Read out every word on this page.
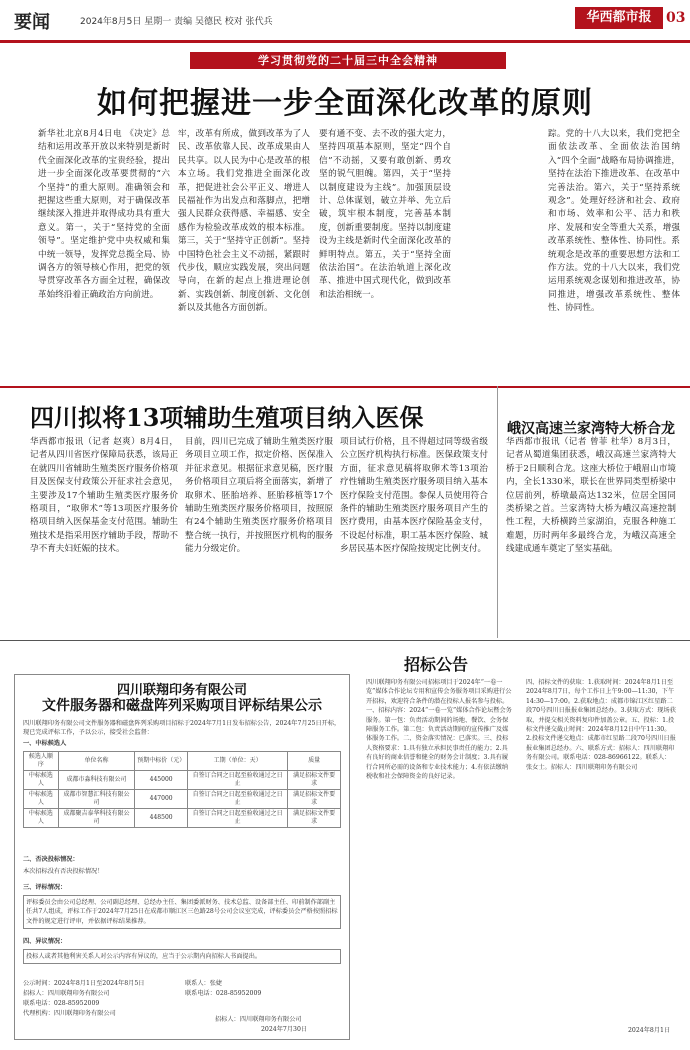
要闻	2024年8月5日 星期一 责编 吴德民 校对 张代兵	华西都市报	03
学习贯彻党的二十届三中全会精神
如何把握进一步全面深化改革的原则
新华社北京8月4日电 《决定》总结和运用改革开放以来特别是新时代全面深化改革的宝贵经验，提出进一步全面深化改革要贯彻的“六个坚持”的重大原则。准确领会和把握这些重大原则，对于确保改革继续深入推进并取得成功具有重大意义。第一，关于“坚持党的全面领导”。坚定维护党中央权威和集中统一领导，发挥党总揽全局、协调各方的领导核心作用，把党的领导贯穿改革各方面全过程，确保改革始终沿着正确政治方向前进。
牢，改革有所成，做到改革为了人民、改革依靠人民、改革成果由人民共享。以人民为中心是改革的根本立场。我们党推进全面深化改革，把促进社会公平正义、增进人民福祉作为出发点和落脚点，把增强人民群众获得感、幸福感、安全感作为检验改革成效的根本标准。第三，关于“坚持守正创新”。坚持中国特色社会主义不动摇，紧跟时代步伐，顺应实践发展，突出问题导向，在新的起点上推进理论创新、实践创新、制度创新、文化创新以及其他各方面创新。
要有通不变、去不改的强大定力，坚持四项基本原则，坚定“四个自信”不动摇，又要有敢创新、勇攻坚的锐气胆魄。第四，关于“坚持以制度建设为主线”。加强顶层设计、总体谋划，破立并举、先立后破，筑牢根本制度，完善基本制度，创新重要制度。坚持以制度建设为主线是新时代全面深化改革的鲜明特点。第五，关于“坚持全面依法治国”。在法治轨道上深化改革、推进中国式现代化，做到改革和法治相统一。
踪。党的十八大以来，我们党把全面依法改革、全面依法治国纳入“四个全面”战略布局协调推进，坚持在法治下推进改革、在改革中完善法治。第六，关于“坚持系统观念”。处理好经济和社会、政府和市场、效率和公平、活力和秩序、发展和安全等重大关系，增强改革系统性、整体性、协同性。系统观念是改革的重要思想方法和工作方法。党的十八大以来，我们党运用系统观念谋划和推进改革，协同推进，增强改革系统性、整体性、协同性。
四川拟将13项辅助生殖项目纳入医保
华西都市报讯（记者 赵爽）8月4日，记者从四川省医疗保障局获悉，该局正在就四川省辅助生殖类医疗服务价格项目及医保支付政策公开征求社会意见，主要涉及17个辅助生殖类医疗服务价格项目，“取卵术”等13项医疗服务价格项目纳入医保基金支付范围。辅助生殖技术是指采用医疗辅助手段，帮助不孕不育夫妇妊娠的技术。
目前，四川已完成了辅助生殖类医疗服务项目立项工作，拟定价格、医保准入并征求意见。根据征求意见稿，医疗服务价格项目立项后将全面落实，新增了取卵术、胚胎培养、胚胎移植等17个辅助生殖类医疗服务价格项目，按照原有24个辅助生殖类医疗服务价格项目整合统一执行，并按照医疗机构的服务能力分级定价。
项目试行价格，且不得超过同等级省级公立医疗机构执行标准。医保政策支付方面，征求意见稿将取卵术等13项治疗性辅助生殖类医疗服务项目纳入基本医疗保险支付范围。参保人员使用符合条件的辅助生殖类医疗服务项目产生的医疗费用，由基本医疗保险基金支付，不设起付标准，职工基本医疗保险、城乡居民基本医疗保险按规定比例支付。
峨汉高速兰家湾特大桥合龙
华西都市报讯（记者 曾菲 杜华）8月3日，记者从蜀道集团获悉，峨汉高速兰家湾特大桥于2日顺利合龙。这座大桥位于峨眉山市境内，全长1330米，联长在世界同类型桥梁中位居前列，桥墩最高达132米，位居全国同类桥梁之首。兰家湾特大桥为峨汉高速控制性工程，大桥横跨兰家湖泊，克服各种施工难题，历时两年多最终合龙，为峨汉高速全线建成通车奠定了坚实基础。
四川联翔印务有限公司
文件服务器和磁盘阵列采购项目评标结果公示
四川联翔印务有限公司文件服务器和磁盘阵列采购项目招标于2024年7月1日发布招标公告，2024年7月25日开标，现已完成评标工作，予以公示，接受社会监督：
一、中标候选人
候选人顺序	单位名称	预期中标价（元）	工期（单位：天）	质量
中标候选人	成都市淼科技有限公司	445000	自签订合同之日起至验收通过之日止	满足招标文件要求
中标候选人	成都市智慧汇科技有限公司	447000	自签订合同之日起至验收通过之日止	满足招标文件要求
中标候选人	成都聚吉泰华科技有限公司	448500	自签订合同之日起至验收通过之日止	满足招标文件要求
二、否决投标情况：
本次招标没有否决投标情况！
三、评标情况：
评标委员会由公司总经理、公司副总经理、总经办主任、集团委派财务、技术总监、设备部主任、印前制作部副主任共7人组成，评标工作于2024年7月25日在成都市顺江区三色路28号公司会议室完成，评标委员会严格按照招标文件的规定进行评审，并依据评标结果推荐。
四、异议情况：
投标人或者其他利害关系人对公示内容有异议的，应当于公示期内向招标人书面提出。
公示时间：2024年8月1日至2024年8月5日
招标人：四川联翔印务有限公司
联系电话：028-85952009
代理机构：四川联翔印务有限公司
联系人：张婕
联系电话：028-85952009
招标人：四川联翔印务有限公司
2024年7月30日
招标公告
四川联翔印务有限公司招标项目于2024年“一卷一览”媒体合作论坛专用和宣传会务服务项目采购进行公开招标，欢迎符合条件的潜在投标人报名参与投标。一、招标内容：2024“一卷一览”媒体合作论坛暨会务服务。第一包：负责活动期间的场地、餐饮、会务保障服务工作。第二包：负责活动期间的宣传推广及媒体服务工作。二、资金落实情况：已落实。三、投标人资格要求：1.具有独立承担民事责任的能力；2.具有良好的商业信誉和健全的财务会计制度；3.具有履行合同所必需的设备和专业技术能力；4.有依法缴纳税收和社会保障资金的良好记录。
四、招标文件的获取：1.获取时间：2024年8月1日至2024年8月7日，每个工作日上午9:00—11:30，下午14:30—17:00。2.获取地点：成都市锦江区红星路二段70号四川日报报业集团总经办。3.获取方式：现场获取，并提交相关资料复印件加盖公章。五、投标：1.投标文件递交截止时间：2024年8月12日中午11:30。2.投标文件递交地点：成都市红星路二段70号四川日报报业集团总经办。六、联系方式：招标人：四川联翔印务有限公司。联系电话：028-86966122。联系人：张女士。招标人：四川联翔印务有限公司
2024年8月1日
